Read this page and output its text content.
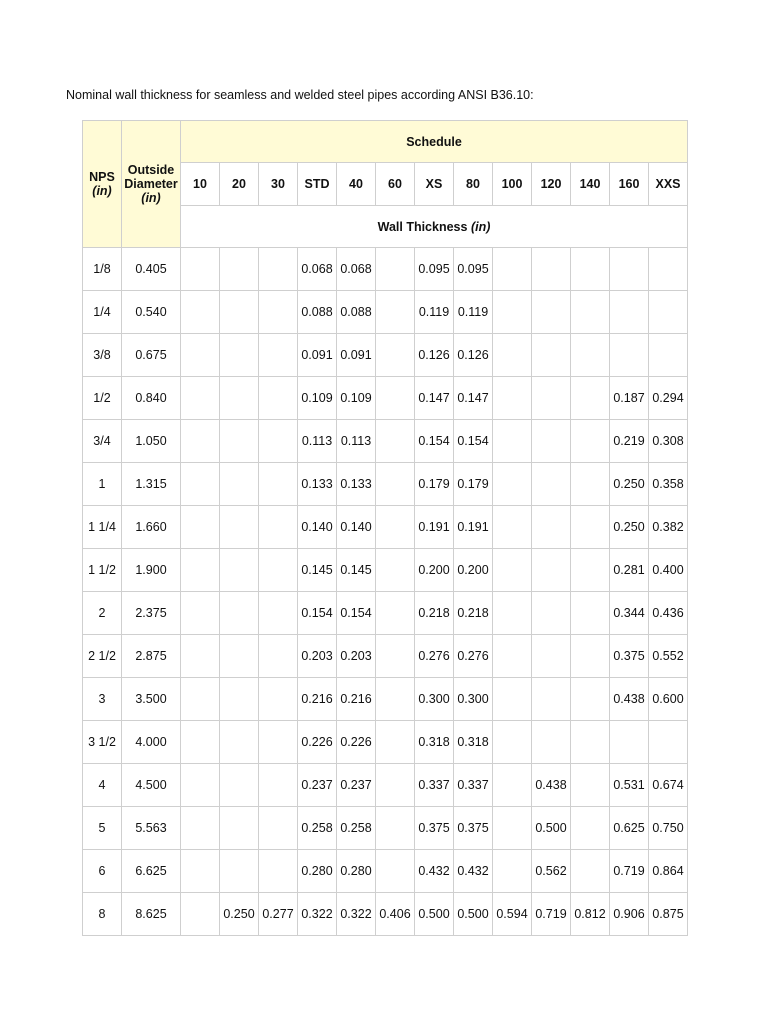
Nominal wall thickness for seamless and welded steel pipes according ANSI B36.10:
NPS
(in)	Outside
Diameter
(in)	Schedule												
		10	20	30	STD	40	60	XS	80	100	120	140	160	XXS
		Wall Thickness (in)												
1/8	0.405				0.068	0.068		0.095	0.095					
1/4	0.540				0.088	0.088		0.119	0.119					
3/8	0.675				0.091	0.091		0.126	0.126					
1/2	0.840				0.109	0.109		0.147	0.147				0.187	0.294
3/4	1.050				0.113	0.113		0.154	0.154				0.219	0.308
1	1.315				0.133	0.133		0.179	0.179				0.250	0.358
1 1/4	1.660				0.140	0.140		0.191	0.191				0.250	0.382
1 1/2	1.900				0.145	0.145		0.200	0.200				0.281	0.400
2	2.375				0.154	0.154		0.218	0.218				0.344	0.436
2 1/2	2.875				0.203	0.203		0.276	0.276				0.375	0.552
3	3.500				0.216	0.216		0.300	0.300				0.438	0.600
3 1/2	4.000				0.226	0.226		0.318	0.318					
4	4.500				0.237	0.237		0.337	0.337		0.438		0.531	0.674
5	5.563				0.258	0.258		0.375	0.375		0.500		0.625	0.750
6	6.625				0.280	0.280		0.432	0.432		0.562		0.719	0.864
8	8.625		0.250	0.277	0.322	0.322	0.406	0.500	0.500	0.594	0.719	0.812	0.906	0.875
